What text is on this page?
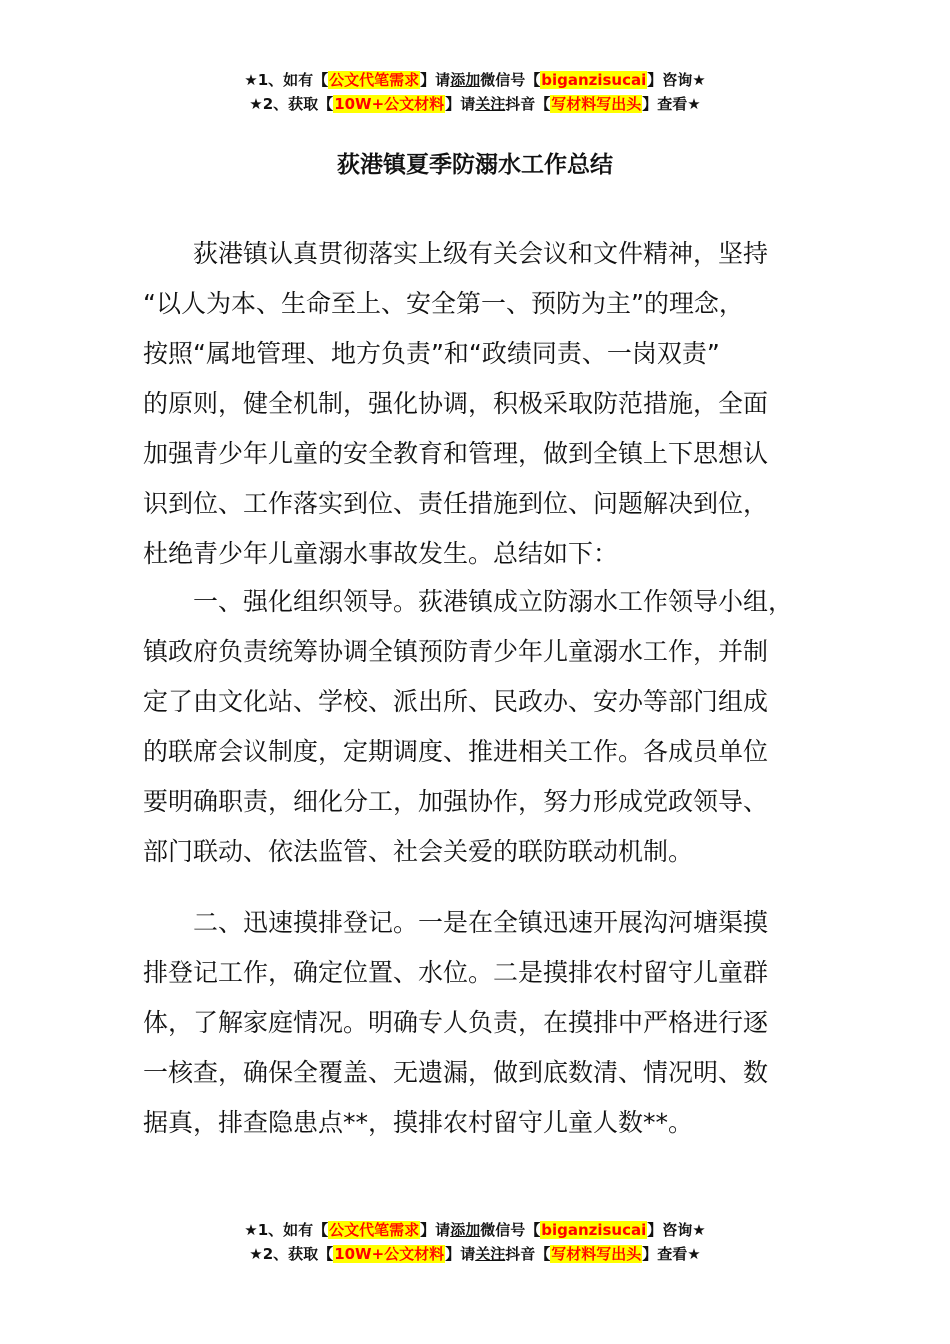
★1、如有【公文代笔需求】请添加微信号【biganzisucai】咨询★
★2、获取【10W+公文材料】请关注抖音【写材料写出头】查看★
荻港镇夏季防溺水工作总结
荻港镇认真贯彻落实上级有关会议和文件精神，坚持
“以人为本、生命至上、安全第一、预防为主”的理念，
按照“属地管理、地方负责”和“政绩同责、一岗双责”
的原则，健全机制，强化协调，积极采取防范措施，全面
加强青少年儿童的安全教育和管理，做到全镇上下思想认
识到位、工作落实到位、责任措施到位、问题解决到位，
杜绝青少年儿童溺水事故发生。总结如下：
一、强化组织领导。荻港镇成立防溺水工作领导小组，
镇政府负责统筹协调全镇预防青少年儿童溺水工作，并制
定了由文化站、学校、派出所、民政办、安办等部门组成
的联席会议制度，定期调度、推进相关工作。各成员单位
要明确职责，细化分工，加强协作，努力形成党政领导、
部门联动、依法监管、社会关爱的联防联动机制。
二、迅速摸排登记。一是在全镇迅速开展沟河塘渠摸
排登记工作，确定位置、水位。二是摸排农村留守儿童群
体，了解家庭情况。明确专人负责，在摸排中严格进行逐
一核查，确保全覆盖、无遗漏，做到底数清、情况明、数
据真，排查隐患点**，摸排农村留守儿童人数**。
★1、如有【公文代笔需求】请添加微信号【biganzisucai】咨询★
★2、获取【10W+公文材料】请关注抖音【写材料写出头】查看★
